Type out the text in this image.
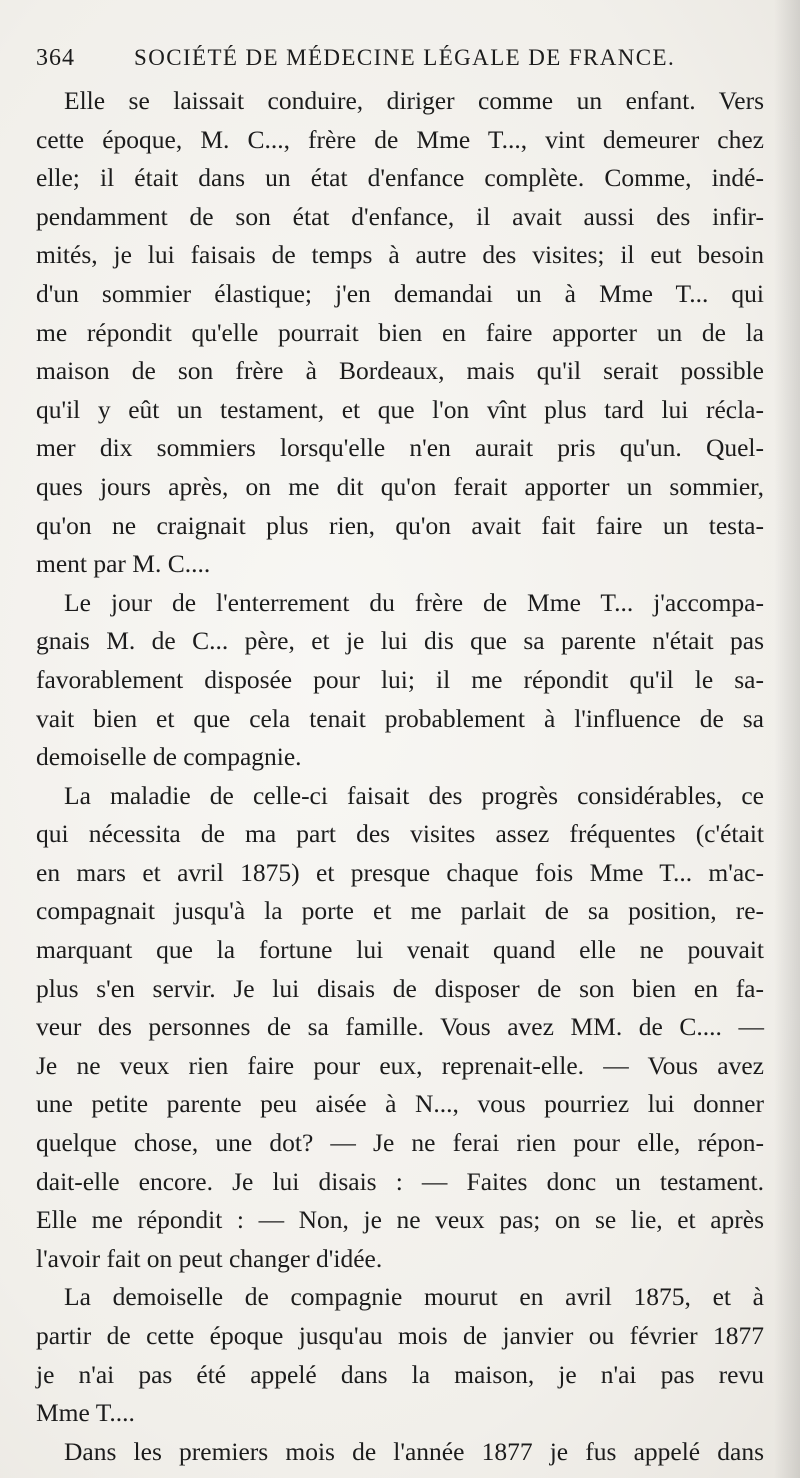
364	SOCIÉTÉ DE MÉDECINE LÉGALE DE FRANCE.
Elle se laissait conduire, diriger comme un enfant. Vers
cette époque, M. C..., frère de Mme T..., vint demeurer chez
elle; il était dans un état d'enfance complète. Comme, indé-
pendamment de son état d'enfance, il avait aussi des infir-
mités, je lui faisais de temps à autre des visites; il eut besoin
d'un sommier élastique; j'en demandai un à Mme T... qui
me répondit qu'elle pourrait bien en faire apporter un de la
maison de son frère à Bordeaux, mais qu'il serait possible
qu'il y eût un testament, et que l'on vînt plus tard lui récla-
mer dix sommiers lorsqu'elle n'en aurait pris qu'un. Quel-
ques jours après, on me dit qu'on ferait apporter un sommier,
qu'on ne craignait plus rien, qu'on avait fait faire un testa-
ment par M. C....
Le jour de l'enterrement du frère de Mme T... j'accompa-
gnais M. de C... père, et je lui dis que sa parente n'était pas
favorablement disposée pour lui; il me répondit qu'il le sa-
vait bien et que cela tenait probablement à l'influence de sa
demoiselle de compagnie.
La maladie de celle-ci faisait des progrès considérables, ce
qui nécessita de ma part des visites assez fréquentes (c'était
en mars et avril 1875) et presque chaque fois Mme T... m'ac-
compagnait jusqu'à la porte et me parlait de sa position, re-
marquant que la fortune lui venait quand elle ne pouvait
plus s'en servir. Je lui disais de disposer de son bien en fa-
veur des personnes de sa famille. Vous avez MM. de C.... —
Je ne veux rien faire pour eux, reprenait-elle. — Vous avez
une petite parente peu aisée à N..., vous pourriez lui donner
quelque chose, une dot? — Je ne ferai rien pour elle, répon-
dait-elle encore. Je lui disais : — Faites donc un testament.
Elle me répondit : — Non, je ne veux pas; on se lie, et après
l'avoir fait on peut changer d'idée.
La demoiselle de compagnie mourut en avril 1875, et à
partir de cette époque jusqu'au mois de janvier ou février 1877
je n'ai pas été appelé dans la maison, je n'ai pas revu
Mme T....
Dans les premiers mois de l'année 1877 je fus appelé dans
